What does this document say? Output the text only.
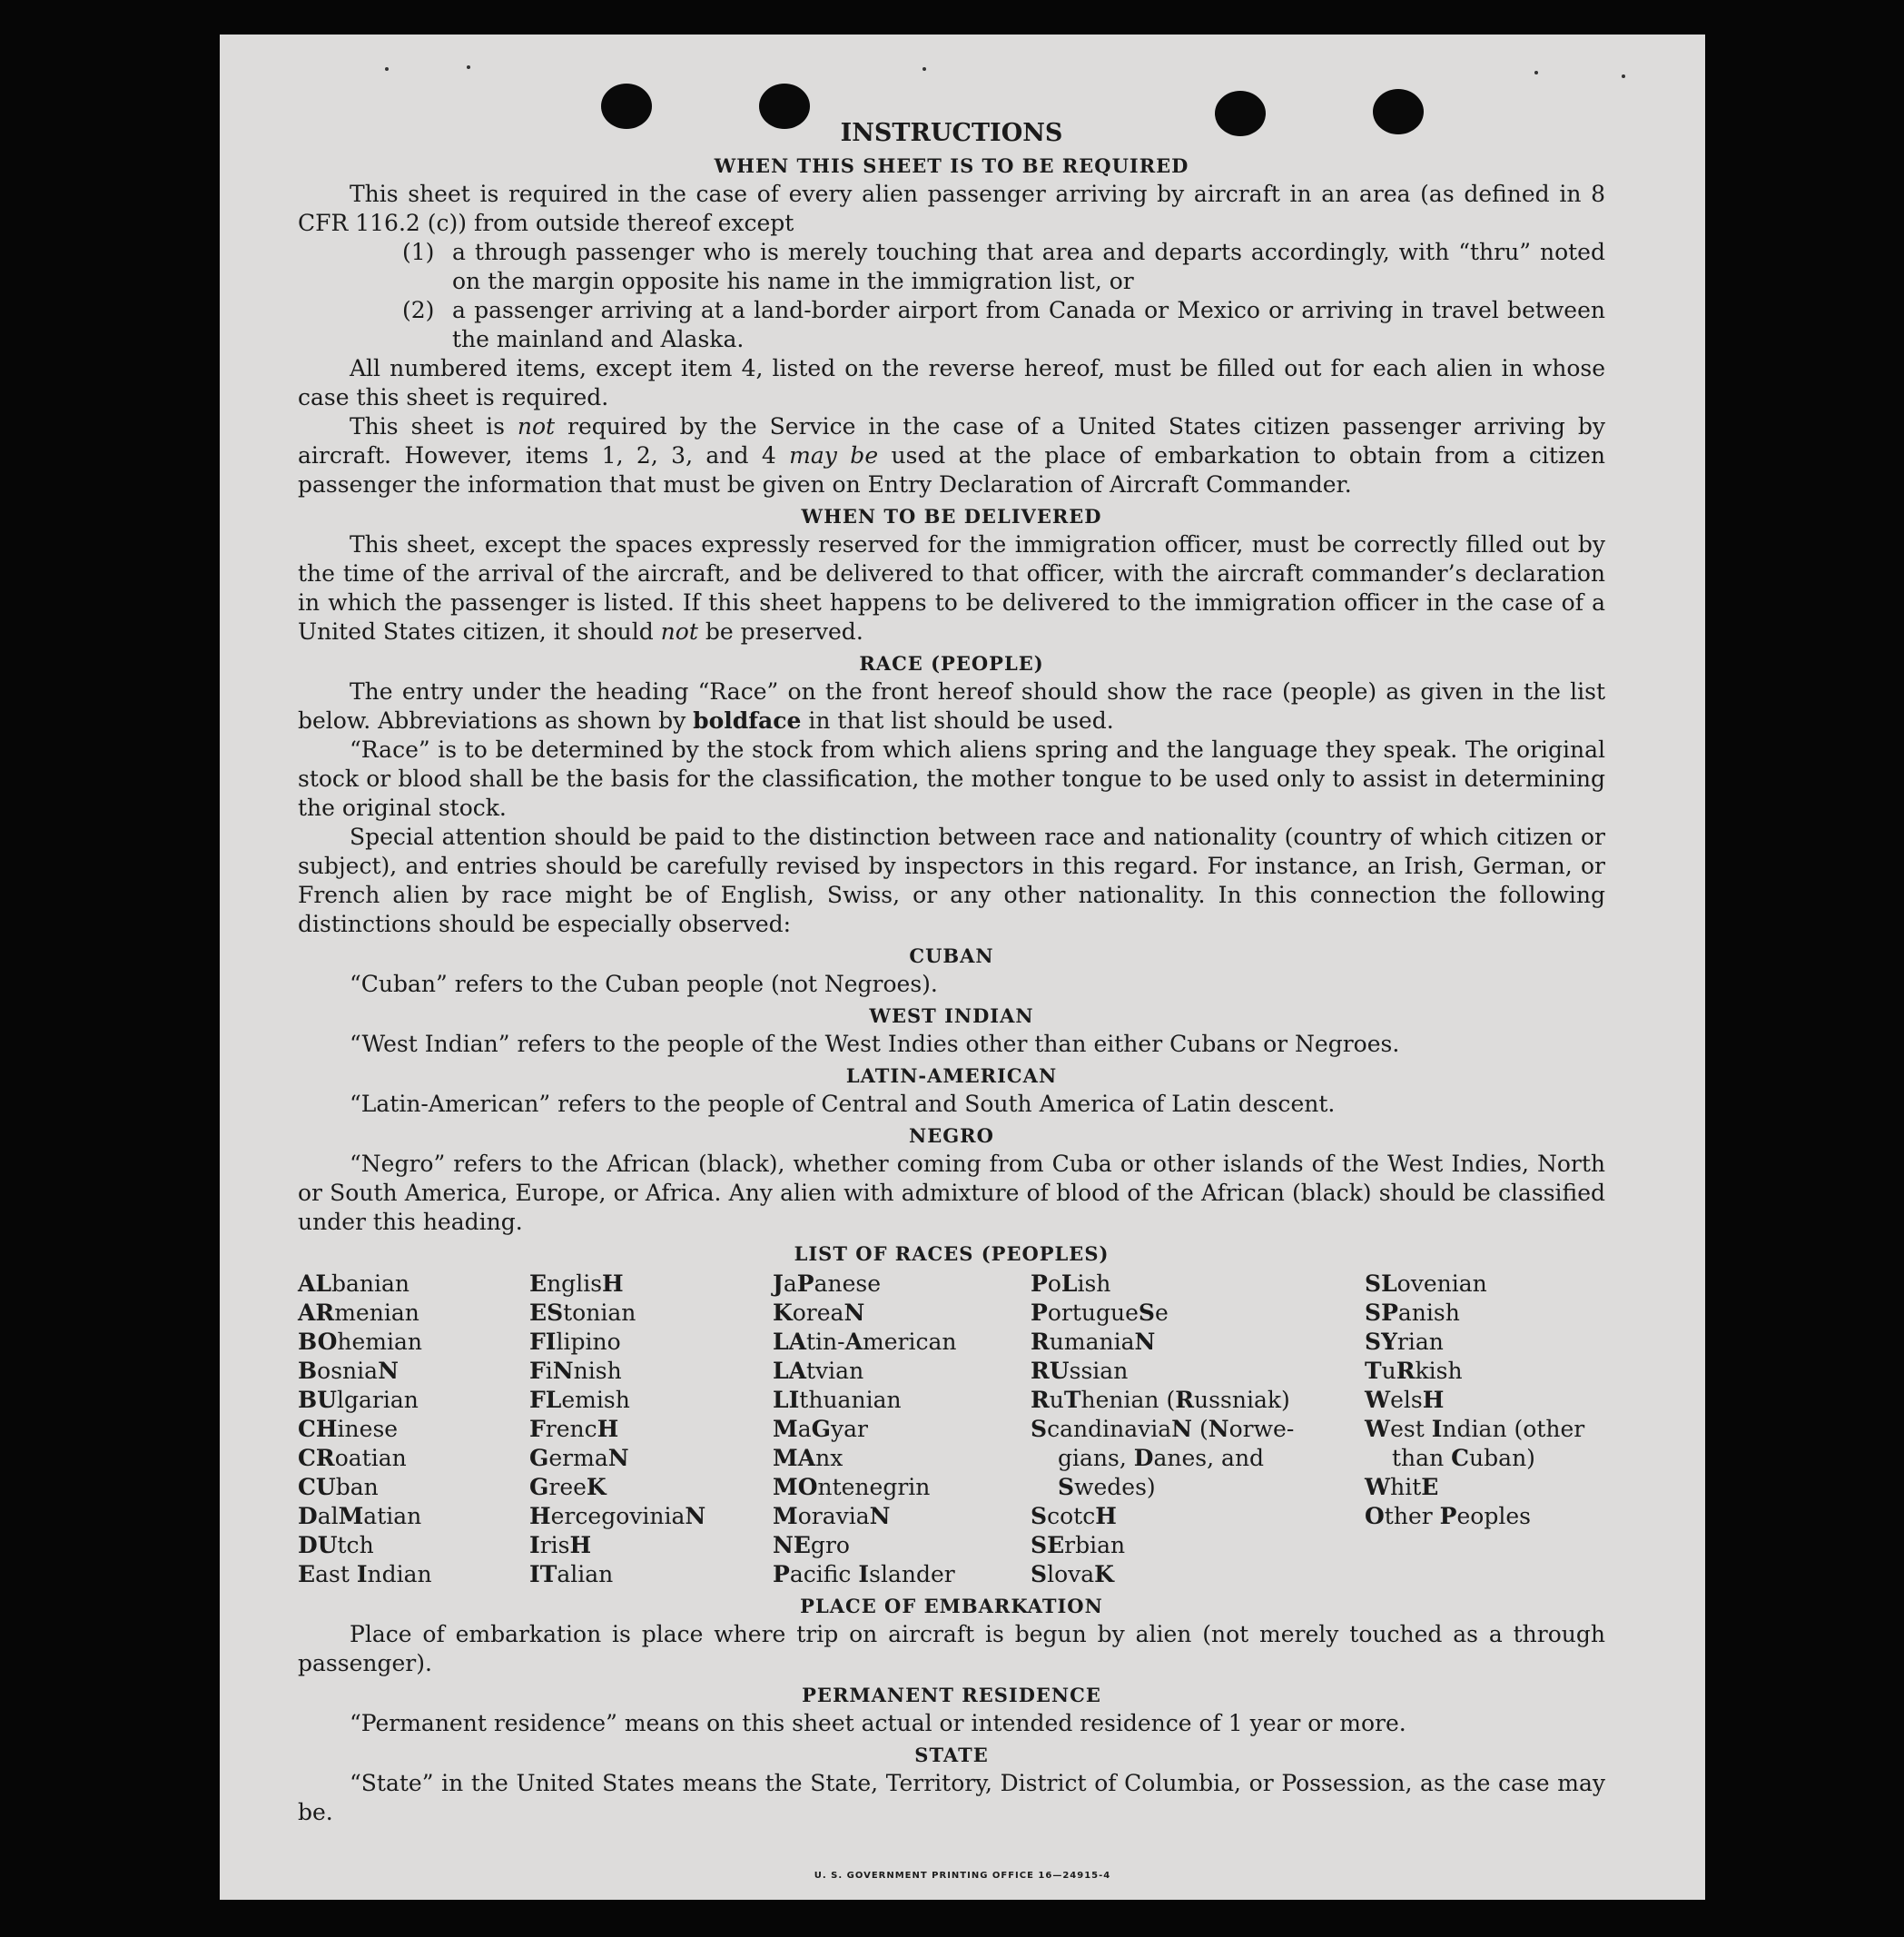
INSTRUCTIONS
WHEN THIS SHEET IS TO BE REQUIRED

This sheet is required in the case of every alien passenger arriving by aircraft in an area (as defined in 8 CFR 116.2 (c)) from outside thereof except

(1) a through passenger who is merely touching that area and departs accordingly, with “thru” noted on the margin opposite his name in the immigration list, or
(2) a passenger arriving at a land-border airport from Canada or Mexico or arriving in travel between the mainland and Alaska.

All numbered items, except item 4, listed on the reverse hereof, must be filled out for each alien in whose case this sheet is required.

This sheet is not required by the Service in the case of a United States citizen passenger arriving by aircraft. However, items 1, 2, 3, and 4 may be used at the place of embarkation to obtain from a citizen passenger the information that must be given on Entry Declaration of Aircraft Commander.

WHEN TO BE DELIVERED

This sheet, except the spaces expressly reserved for the immigration officer, must be correctly filled out by the time of the arrival of the aircraft, and be delivered to that officer, with the aircraft commander’s declaration in which the passenger is listed. If this sheet happens to be delivered to the immigration officer in the case of a United States citizen, it should not be preserved.

RACE (PEOPLE)

The entry under the heading “Race” on the front hereof should show the race (people) as given in the list below. Abbreviations as shown by boldface in that list should be used.

“Race” is to be determined by the stock from which aliens spring and the language they speak. The original stock or blood shall be the basis for the classification, the mother tongue to be used only to assist in determining the original stock.

Special attention should be paid to the distinction between race and nationality (country of which citizen or subject), and entries should be carefully revised by inspectors in this regard. For instance, an Irish, German, or French alien by race might be of English, Swiss, or any other nationality. In this connection the following distinctions should be especially observed:

CUBAN

“Cuban” refers to the Cuban people (not Negroes).

WEST INDIAN

“West Indian” refers to the people of the West Indies other than either Cubans or Negroes.

LATIN-AMERICAN

“Latin-American” refers to the people of Central and South America of Latin descent.

NEGRO

“Negro” refers to the African (black), whether coming from Cuba or other islands of the West Indies, North or South America, Europe, or Africa. Any alien with admixture of blood of the African (black) should be classified under this heading.

LIST OF RACES (PEOPLES)
ALbanian
ARmenian
BOhemian
BosniaN
BUlgarian
CHinese
CRoatian
CUban
DalMatian
DUtch
East Indian
EnglisH
EStonian
FIlipino
FiNnish
FLemish
FrencH
GermaN
GreeK
HercegoviniaN
IrisH
ITalian
JaPanese
KoreaN
LAtin-American
LAtvian
LIthuanian
MaGyar
MAnx
MOntenegrin
MoraviaN
NEgro
Pacifc Islander
PoLish
PortugueSe
RumaniaN
RUssian
RuThenian (Russniak)
ScandinaviaN (Norwe-
gians, Danes, and
Swedes)
ScotcH
SErbian
SlovaK
SLovenian
SPanish
SYrian
TuRkish
WelsH
West Indian (other
than Cuban)
WhitE
Other Peoples
PLACE OF EMBARKATION

Place of embarkation is place where trip on aircraft is begun by alien (not merely touched as a through passenger).

PERMANENT RESIDENCE

“Permanent residence” means on this sheet actual or intended residence of 1 year or more.

STATE

“State” in the United States means the State, Territory, District of Columbia, or Possession, as the case may be.

U. S. GOVERNMENT PRINTING OFFICE 16—24915-4
